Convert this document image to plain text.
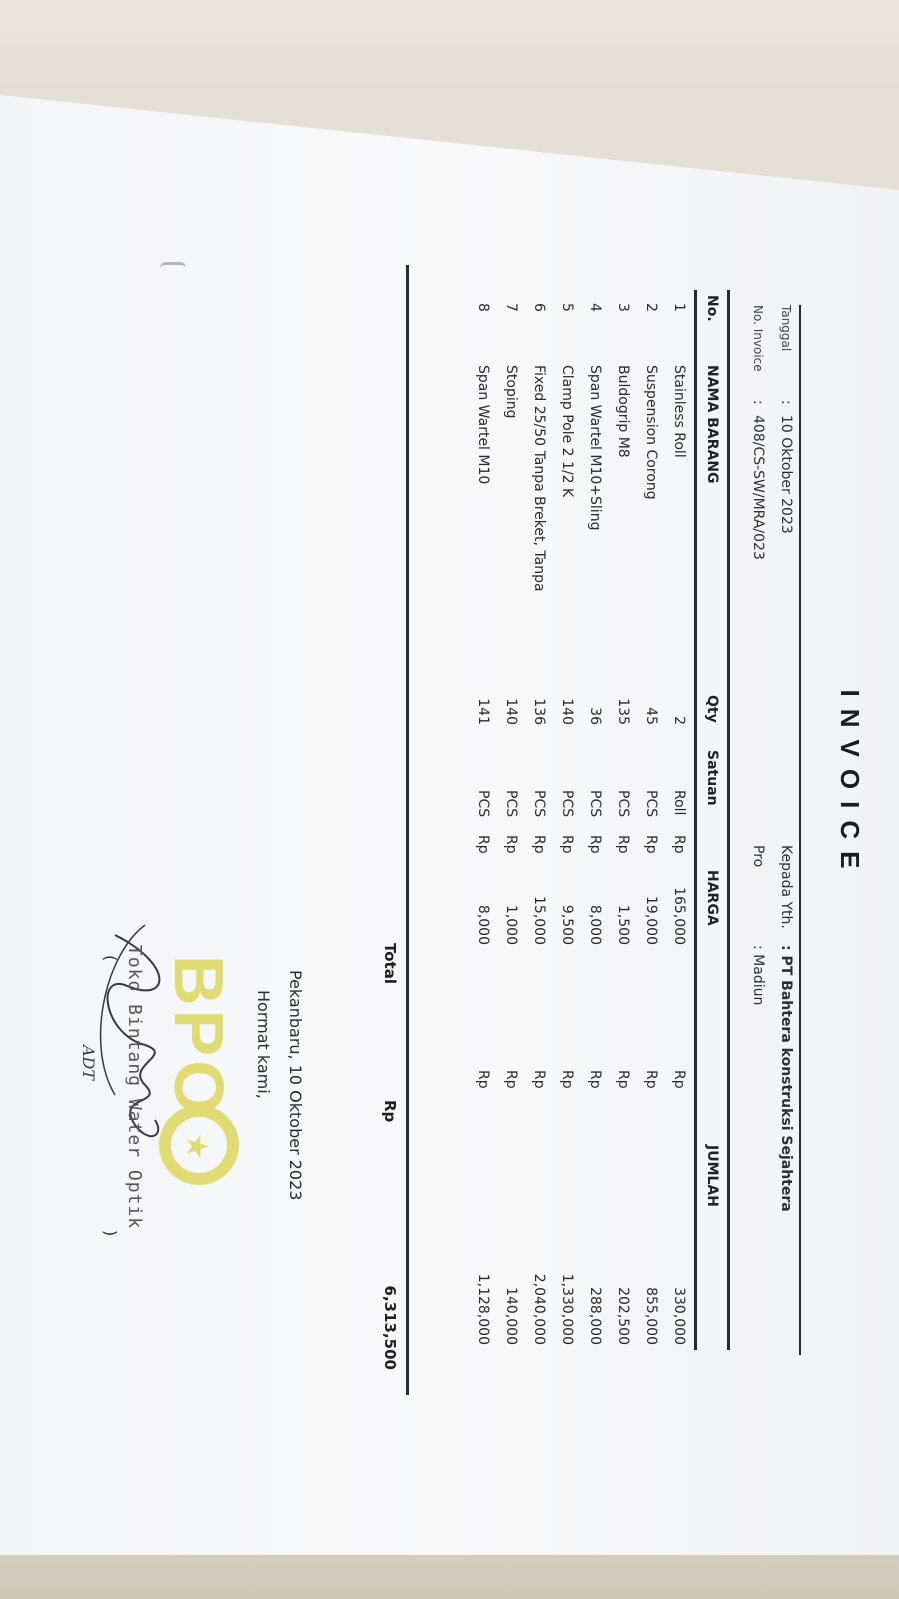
INVOICE
Tanggal
:
10 Oktober 2023
No. Invoice
:
408/CS-SW/MRA/023
Kepada Yth.
: PT Bahtera konstruksi Sejahtera
Pro
: Madiun
No.
NAMA BARANG
Qty
Satuan
HARGA
JUMLAH
1
Stainless Roll
2
Roll
Rp
165,000
Rp
330,000
2
Suspension Corong
45
PCS
Rp
19,000
Rp
855,000
3
Buldogrip M8
135
PCS
Rp
1,500
Rp
202,500
4
Span Wartel M10+Sling
36
PCS
Rp
8,000
Rp
288,000
5
Clamp Pole 2 1/2 K
140
PCS
Rp
9,500
Rp
1,330,000
6
Fixed 25/50 Tanpa Breket, Tanpa
136
PCS
Rp
15,000
Rp
2,040,000
7
Stoping
140
PCS
Rp
1,000
Rp
140,000
8
Span Wartel M10
141
PCS
Rp
8,000
Rp
1,128,000
Total
Rp
6,313,500
Pekanbaru, 10 Oktober 2023
Hormat kami,
BPO
★
ADT Toko Bintang Water Optik
(
)
